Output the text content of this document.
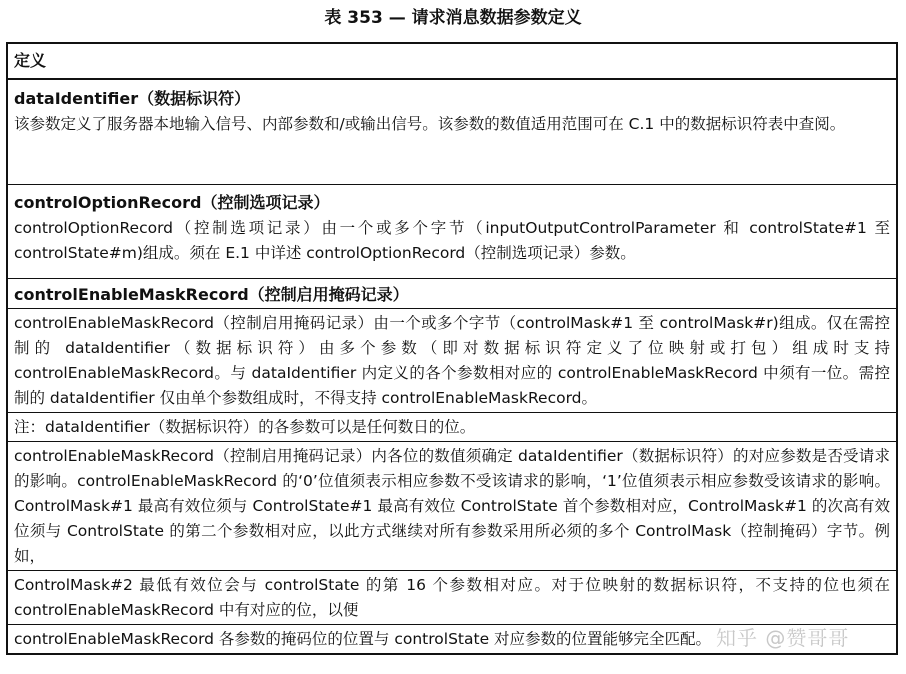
表 353 — 请求消息数据参数定义
定义
dataIdentifier（数据标识符）
该参数定义了服务器本地输入信号、内部参数和/或输出信号。该参数的数值适用范围可在 C.1 中的数据标识符表中查阅。
controlOptionRecord（控制选项记录）
controlOptionRecord（控制选项记录）由一个或多个字节（inputOutputControlParameter 和 controlState#1 至 controlState#m)组成。须在 E.1 中详述 controlOptionRecord（控制选项记录）参数。
controlEnableMaskRecord（控制启用掩码记录）
controlEnableMaskRecord（控制启用掩码记录）由一个或多个字节（controlMask#1 至 controlMask#r)组成。仅在需控制的 dataIdentifier（数据标识符）由多个参数（即对数据标识符定义了位映射或打包）组成时支持 controlEnableMaskRecord。与 dataIdentifier 内定义的各个参数相对应的 controlEnableMaskRecord 中须有一位。需控制的 dataIdentifier 仅由单个参数组成时，不得支持 controlEnableMaskRecord。
注：dataIdentifier（数据标识符）的各参数可以是任何数日的位。
controlEnableMaskRecord（控制启用掩码记录）内各位的数值须确定 dataIdentifier（数据标识符）的对应参数是否受请求的影响。controlEnableMaskRecord 的‘0’位值须表示相应参数不受该请求的影响，‘1’位值须表示相应参数受该请求的影响。ControlMask#1 最高有效位须与 ControlState#1 最高有效位 ControlState 首个参数相对应，ControlMask#1 的次高有效位须与 ControlState 的第二个参数相对应，以此方式继续对所有参数采用所必须的多个 ControlMask（控制掩码）字节。例如，
ControlMask#2 最低有效位会与 controlState 的第 16 个参数相对应。对于位映射的数据标识符，不支持的位也须在 controlEnableMaskRecord 中有对应的位，以便
controlEnableMaskRecord 各参数的掩码位的位置与 controlState 对应参数的位置能够完全匹配。 知乎 @赞哥哥
